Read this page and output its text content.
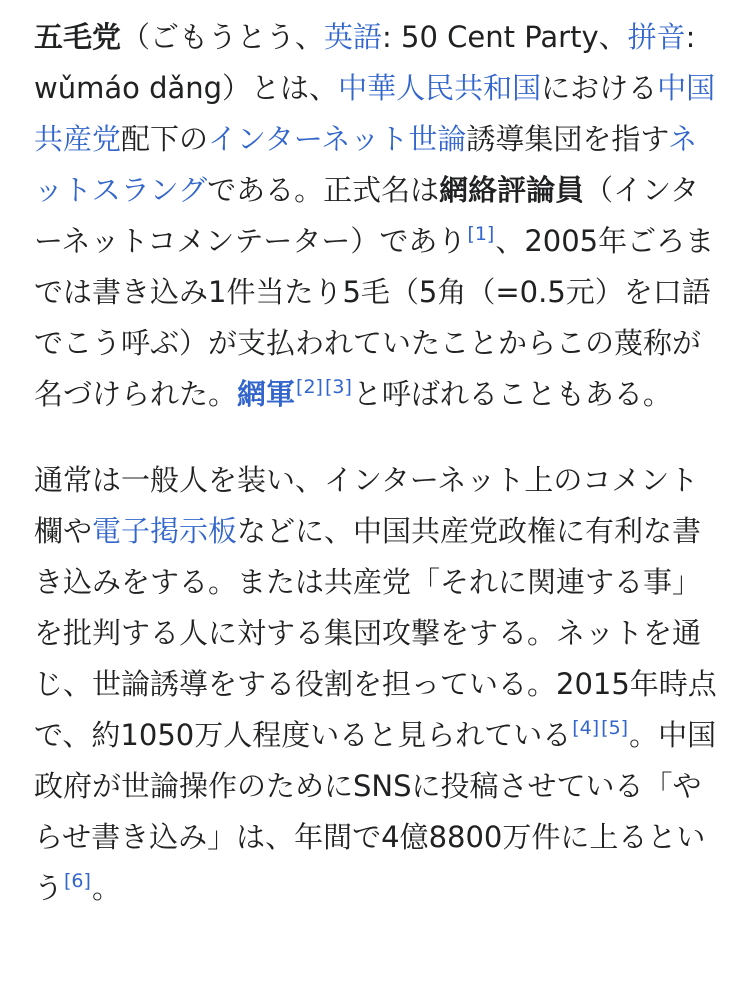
五毛党（ごもうとう、英語: 50 Cent Party、拼音: wǔmáo dǎng）とは、中華人民共和国における中国共産党配下のインターネット世論誘導集団を指すネットスラングである。正式名は網絡評論員（インターネットコメンテーター）であり[1]、2005年ごろまでは書き込み1件当たり5毛（5角（=0.5元）を口語でこう呼ぶ）が支払われていたことからこの蔑称が名づけられた。網軍[2] [3]と呼ばれることもある。

通常は一般人を装い、インターネット上のコメント欄や電子掲示板などに、中国共産党政権に有利な書き込みをする。または共産党「それに関連する事」を批判する人に対する集団攻撃をする。ネットを通じ、世論誘導をする役割を担っている。2015年時点で、約1050万人程度いると見られている[4] [5]。中国政府が世論操作のためにSNSに投稿させている「やらせ書き込み」は、年間で4億8800万件に上るという[6]。
